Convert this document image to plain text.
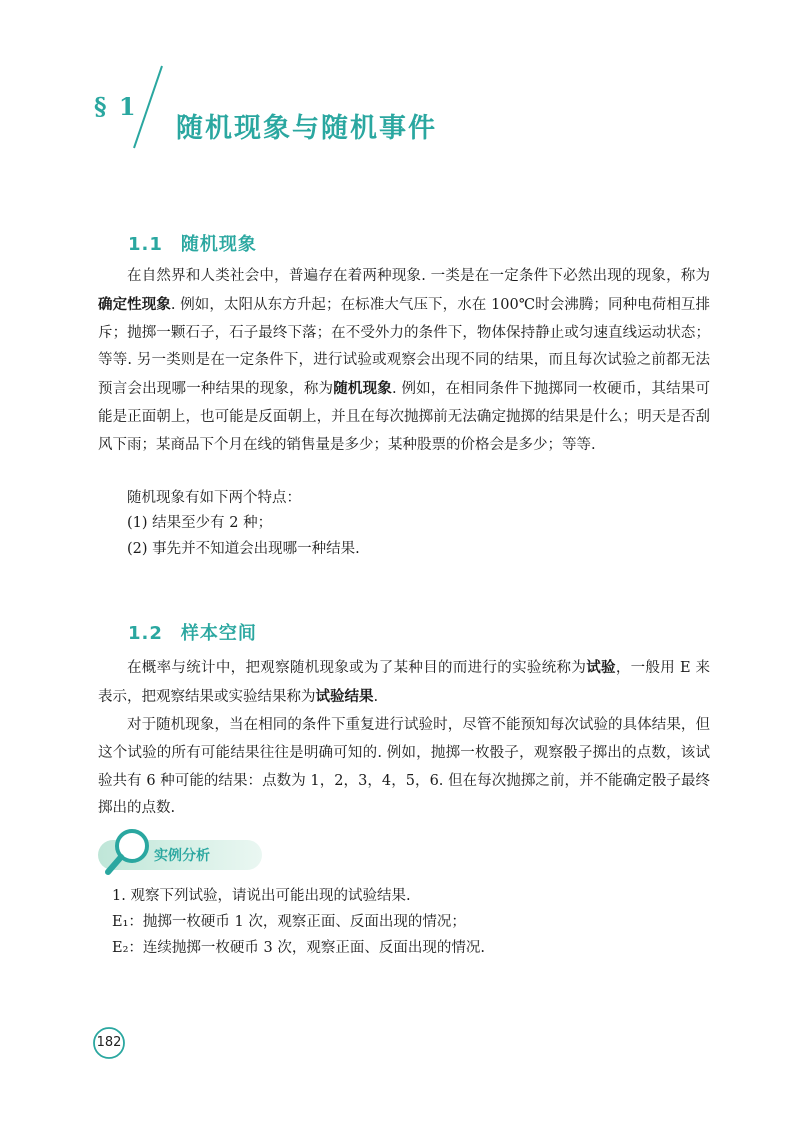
§ 1
随机现象与随机事件
1.1 随机现象

在自然界和人类社会中，普遍存在着两种现象. 一类是在一定条件下必然出现的现象，称为确定性现象. 例如，太阳从东方升起；在标准大气压下，水在 100℃时会沸腾；同种电荷相互排斥；抛掷一颗石子，石子最终下落；在不受外力的条件下，物体保持静止或匀速直线运动状态；等等. 另一类则是在一定条件下，进行试验或观察会出现不同的结果，而且每次试验之前都无法预言会出现哪一种结果的现象，称为随机现象. 例如，在相同条件下抛掷同一枚硬币，其结果可能是正面朝上，也可能是反面朝上，并且在每次抛掷前无法确定抛掷的结果是什么；明天是否刮风下雨；某商品下个月在线的销售量是多少；某种股票的价格会是多少；等等.

随机现象有如下两个特点：
(1) 结果至少有 2 种；
(2) 事先并不知道会出现哪一种结果.
1.2 样本空间

在概率与统计中，把观察随机现象或为了某种目的而进行的实验统称为试验，一般用 E 来表示，把观察结果或实验结果称为试验结果.

对于随机现象，当在相同的条件下重复进行试验时，尽管不能预知每次试验的具体结果，但这个试验的所有可能结果往往是明确可知的. 例如，抛掷一枚骰子，观察骰子掷出的点数，该试验共有 6 种可能的结果：点数为 1，2，3，4，5，6. 但在每次抛掷之前，并不能确定骰子最终掷出的点数.

实例分析
1. 观察下列试验，请说出可能出现的试验结果.
E₁：抛掷一枚硬币 1 次，观察正面、反面出现的情况；
E₂：连续抛掷一枚硬币 3 次，观察正面、反面出现的情况.
182
